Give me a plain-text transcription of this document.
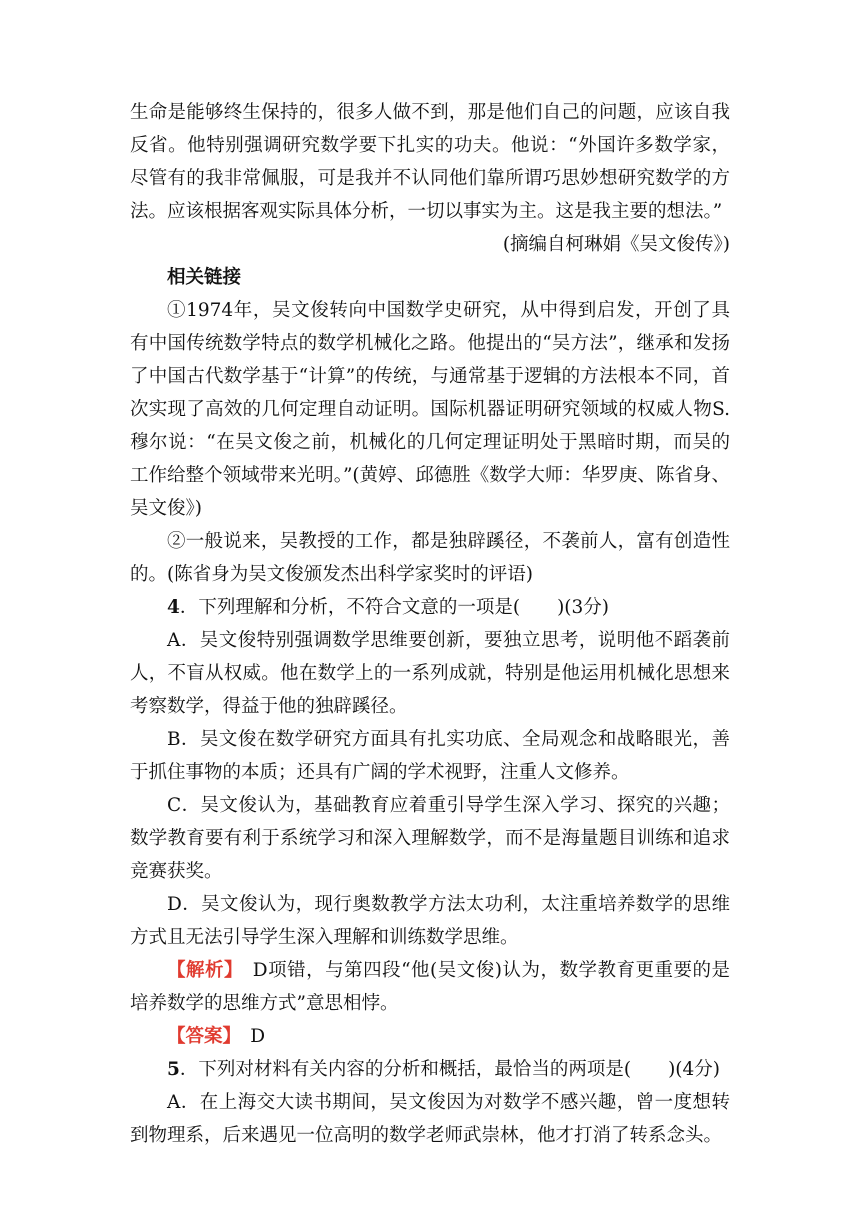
生命是能够终生保持的，很多人做不到，那是他们自己的问题，应该自我反省。他特别强调研究数学要下扎实的功夫。他说：“外国许多数学家，尽管有的我非常佩服，可是我并不认同他们靠所谓巧思妙想研究数学的方法。应该根据客观实际具体分析，一切以事实为主。这是我主要的想法。”

(摘编自柯琳娟《吴文俊传》)

相关链接

①1974年，吴文俊转向中国数学史研究，从中得到启发，开创了具有中国传统数学特点的数学机械化之路。他提出的“吴方法”，继承和发扬了中国古代数学基于“计算”的传统，与通常基于逻辑的方法根本不同，首次实现了高效的几何定理自动证明。国际机器证明研究领域的权威人物S.穆尔说：“在吴文俊之前，机械化的几何定理证明处于黑暗时期，而吴的工作给整个领域带来光明。”(黄婷、邱德胜《数学大师：华罗庚、陈省身、吴文俊》)

②一般说来，吴教授的工作，都是独辟蹊径，不袭前人，富有创造性的。(陈省身为吴文俊颁发杰出科学家奖时的评语)

4．下列理解和分析，不符合文意的一项是(　　)(3分)

A．吴文俊特别强调数学思维要创新，要独立思考，说明他不蹈袭前人，不盲从权威。他在数学上的一系列成就，特别是他运用机械化思想来考察数学，得益于他的独辟蹊径。

B．吴文俊在数学研究方面具有扎实功底、全局观念和战略眼光，善于抓住事物的本质；还具有广阔的学术视野，注重人文修养。

C．吴文俊认为，基础教育应着重引导学生深入学习、探究的兴趣；数学教育要有利于系统学习和深入理解数学，而不是海量题目训练和追求竞赛获奖。

D．吴文俊认为，现行奥数教学方法太功利，太注重培养数学的思维方式且无法引导学生深入理解和训练数学思维。

【解析】　D项错，与第四段“他(吴文俊)认为，数学教育更重要的是培养数学的思维方式”意思相悖。

【答案】　D

5．下列对材料有关内容的分析和概括，最恰当的两项是(　　)(4分)

A．在上海交大读书期间，吴文俊因为对数学不感兴趣，曾一度想转到物理系，后来遇见一位高明的数学老师武崇林，他才打消了转系念头。
